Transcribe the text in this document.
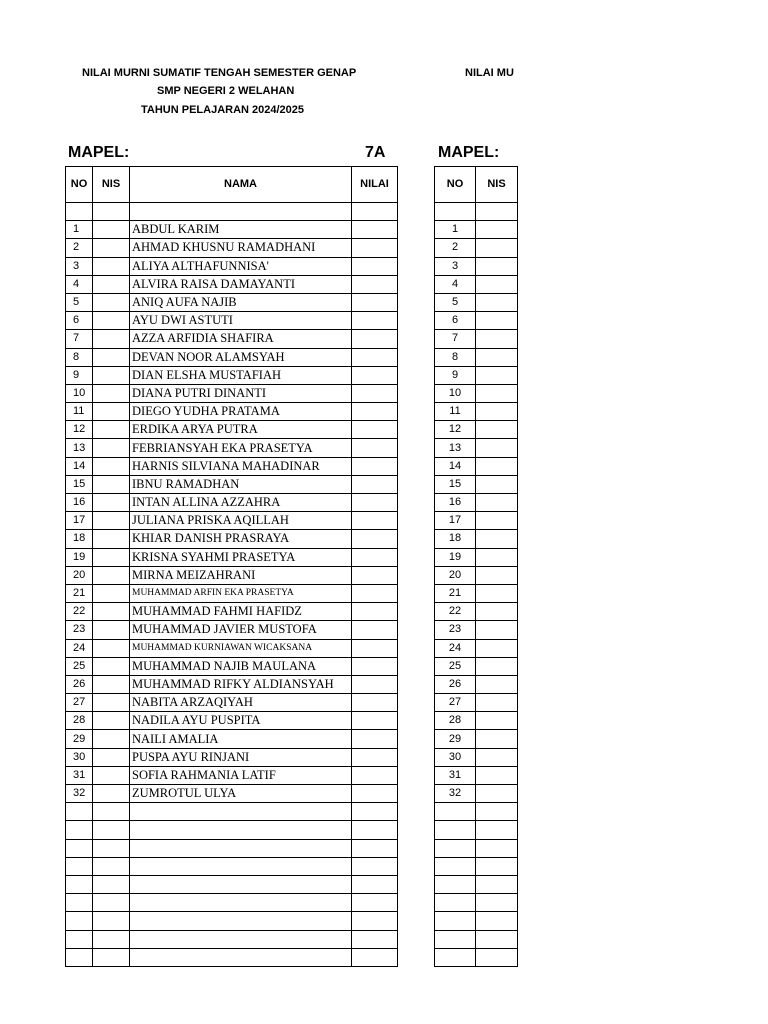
NILAI MURNI SUMATIF TENGAH SEMESTER GENAP
SMP NEGERI 2 WELAHAN
TAHUN PELAJARAN 2024/2025
NILAI MU
MAPEL:	7A	MAPEL:
NO	NIS	NAMA	NILAI

1		ABDUL KARIM	
2		AHMAD KHUSNU RAMADHANI	
3		ALIYA ALTHAFUNNISA'	
4		ALVIRA RAISA DAMAYANTI	
5		ANIQ AUFA NAJIB	
6		AYU DWI ASTUTI	
7		AZZA ARFIDIA SHAFIRA	
8		DEVAN NOOR ALAMSYAH	
9		DIAN ELSHA MUSTAFIAH	
10		DIANA PUTRI DINANTI	
11		DIEGO YUDHA PRATAMA	
12		ERDIKA ARYA PUTRA	
13		FEBRIANSYAH EKA PRASETYA	
14		HARNIS SILVIANA MAHADINAR	
15		IBNU RAMADHAN	
16		INTAN ALLINA AZZAHRA	
17		JULIANA PRISKA AQILLAH	
18		KHIAR DANISH PRASRAYA	
19		KRISNA SYAHMI PRASETYA	
20		MIRNA MEIZAHRANI	
21		MUHAMMAD ARFIN EKA PRASETYA	
22		MUHAMMAD FAHMI HAFIDZ	
23		MUHAMMAD JAVIER MUSTOFA	
24		MUHAMMAD KURNIAWAN WICAKSANA	
25		MUHAMMAD NAJIB MAULANA	
26		MUHAMMAD RIFKY ALDIANSYAH	
27		NABITA ARZAQIYAH	
28		NADILA AYU PUSPITA	
29		NAILI AMALIA	
30		PUSPA AYU RINJANI	
31		SOFIA RAHMANIA LATIF	
32		ZUMROTUL ULYA	

NO	NIS

1	
2	
3	
4	
5	
6	
7	
8	
9	
10	
11	
12	
13	
14	
15	
16	
17	
18	
19	
20	
21	
22	
23	
24	
25	
26	
27	
28	
29	
30	
31	
32	
